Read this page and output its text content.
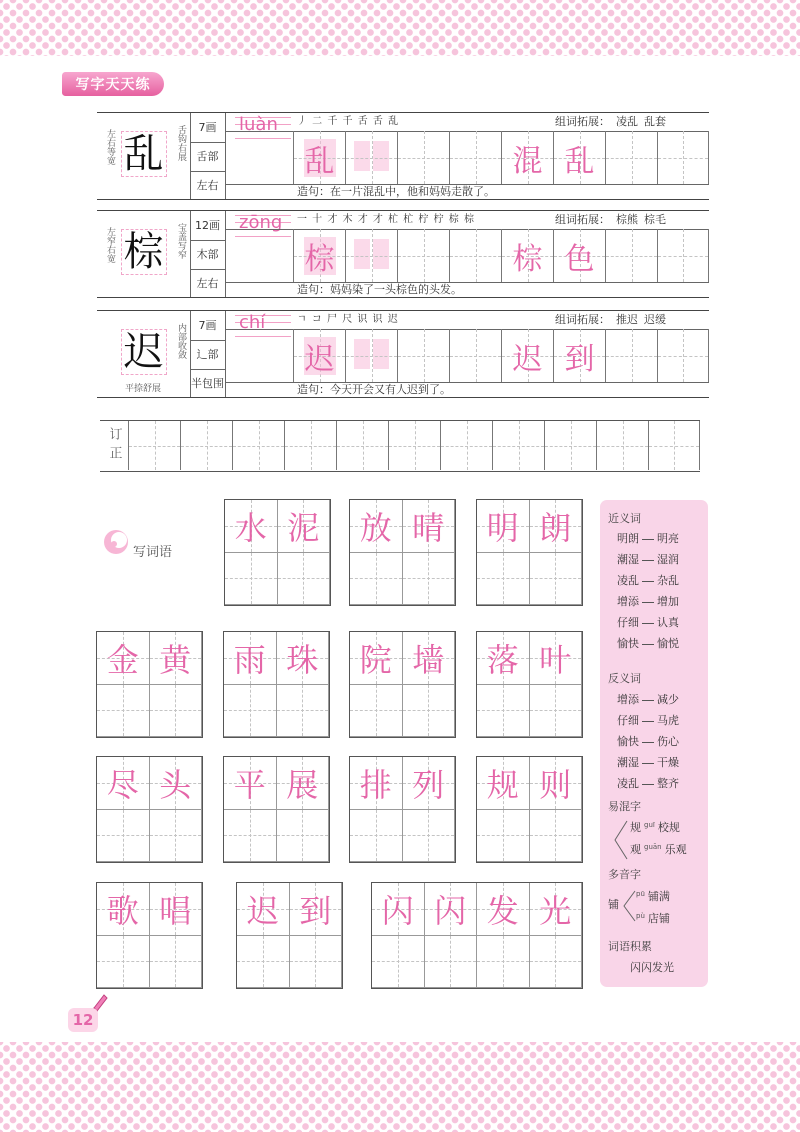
写字天天练
写词语
12
乱
左右等宽	舌钩右展	7画
舌部
左右
luàn	丿 二 千 千 舌 舌 乱	组词拓展： 凌乱 乱套
乱	混 乱
造句：在一片混乱中，他和妈妈走散了。
棕
左窄右宽	宝盖写窄 12画
木部
左右
zōng	一 十 才 木 才 才 杧 杧 柠 柠 棕 棕	组词拓展： 棕熊 棕毛
棕	棕 色
造句：妈妈染了一头棕色的头发。
迟	内部收敛
平捺舒展
7画
辶部
半包围
chí	ㄱ コ 尸 尺 识 识 迟	组词拓展： 推迟 迟缓
迟	迟 到
造句：今天开会又有人迟到了。
订正
水 泥	放 晴	明 朗
金 黄	雨 珠	院 墙	落 叶
尽 头	平 展	排 列	规 则
歌 唱	迟 到	闪 闪 发 光
近义词
明朗 明亮
潮湿 湿润
凌乱 杂乱
增添 增加
仔细 认真
愉快 愉悦
反义词
增添 减少
仔细 马虎
愉快 伤心
潮湿 干燥
凌乱 整齐
易混字
规 guī 校规
观 guān 乐观
多音字
铺
pū 铺满
pù 店铺
词语积累
闪闪发光
